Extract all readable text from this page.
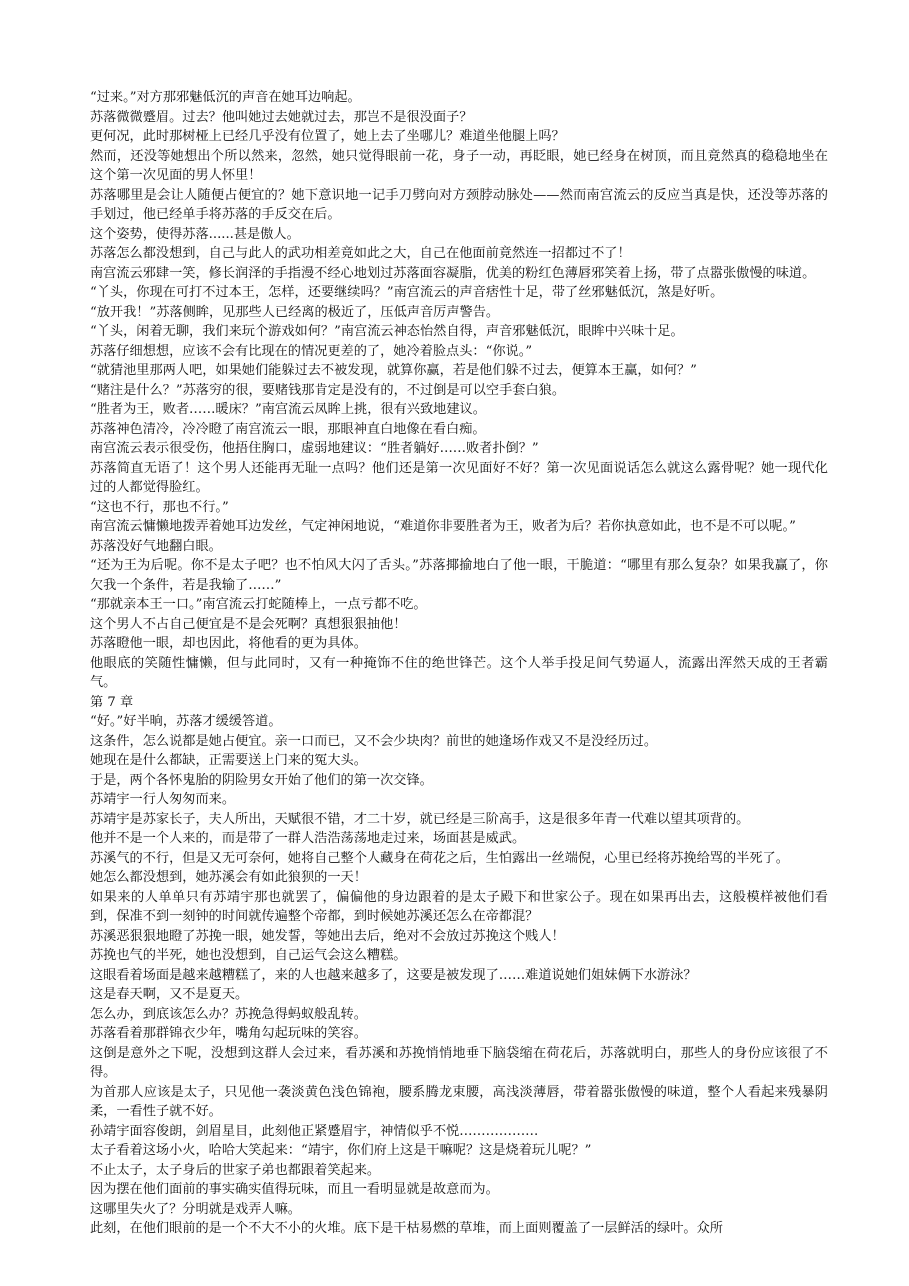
“过来。”对方那邪魅低沉的声音在她耳边响起。

苏落微微蹙眉。过去？他叫她过去她就过去，那岂不是很没面子？

更何况，此时那树桠上已经几乎没有位置了，她上去了坐哪儿？难道坐他腿上吗？

然而，还没等她想出个所以然来，忽然，她只觉得眼前一花，身子一动，再眨眼，她已经身在树顶，而且竟然真的稳稳地坐在这个第一次见面的男人怀里！

苏落哪里是会让人随便占便宜的？她下意识地一记手刀劈向对方颈脖动脉处——然而南宫流云的反应当真是快，还没等苏落的手划过，他已经单手将苏落的手反交在后。

这个姿势，使得苏落......甚是傲人。

苏落怎么都没想到，自己与此人的武功相差竟如此之大，自己在他面前竟然连一招都过不了！

南宫流云邪肆一笑，修长润泽的手指漫不经心地划过苏落面容凝脂，优美的粉红色薄唇邪笑着上扬，带了点嚣张傲慢的味道。

“丫头，你现在可打不过本王，怎样，还要继续吗？”南宫流云的声音痞性十足，带了丝邪魅低沉，煞是好听。

“放开我！”苏落侧眸，见那些人已经离的极近了，压低声音厉声警告。

“丫头，闲着无聊，我们来玩个游戏如何？”南宫流云神态怡然自得，声音邪魅低沉，眼眸中兴味十足。

苏落仔细想想，应该不会有比现在的情况更差的了，她冷着脸点头：“你说。”

“就猜池里那两人吧，如果她们能躲过去不被发现，就算你赢，若是他们躲不过去，便算本王赢，如何？”

“赌注是什么？”苏落穷的很，要赌钱那肯定是没有的，不过倒是可以空手套白狼。

“胜者为王，败者……暖床？”南宫流云凤眸上挑，很有兴致地建议。

苏落神色清冷，冷冷瞪了南宫流云一眼，那眼神直白地像在看白痴。

南宫流云表示很受伤，他捂住胸口，虚弱地建议：“胜者躺好……败者扑倒？”

苏落简直无语了！这个男人还能再无耻一点吗？他们还是第一次见面好不好？第一次见面说话怎么就这么露骨呢？她一现代化过的人都觉得脸红。

“这也不行，那也不行。”

南宫流云慵懒地拨弄着她耳边发丝，气定神闲地说，“难道你非要胜者为王，败者为后？若你执意如此，也不是不可以呢。”

苏落没好气地翻白眼。

“还为王为后呢。你不是太子吧？也不怕风大闪了舌头。”苏落揶揄地白了他一眼，干脆道：“哪里有那么复杂？如果我赢了，你欠我一个条件，若是我输了……”

“那就亲本王一口。”南宫流云打蛇随棒上，一点亏都不吃。

这个男人不占自己便宜是不是会死啊？真想狠狠抽他！

苏落瞪他一眼，却也因此，将他看的更为具体。

他眼底的笑随性慵懒，但与此同时，又有一种掩饰不住的绝世锋芒。这个人举手投足间气势逼人，流露出浑然天成的王者霸气。

第 7 章

“好。”好半晌，苏落才缓缓答道。

这条件，怎么说都是她占便宜。亲一口而已，又不会少块肉？前世的她逢场作戏又不是没经历过。

她现在是什么都缺，正需要送上门来的冤大头。

于是，两个各怀鬼胎的阴险男女开始了他们的第一次交锋。

苏靖宇一行人匆匆而来。

苏靖宇是苏家长子，夫人所出，天赋很不错，才二十岁，就已经是三阶高手，这是很多年青一代难以望其项背的。

他并不是一个人来的，而是带了一群人浩浩荡荡地走过来，场面甚是威武。

苏溪气的不行，但是又无可奈何，她将自己整个人藏身在荷花之后，生怕露出一丝端倪，心里已经将苏挽给骂的半死了。

她怎么都没想到，她苏溪会有如此狼狈的一天！

如果来的人单单只有苏靖宇那也就罢了，偏偏他的身边跟着的是太子殿下和世家公子。现在如果再出去，这般模样被他们看到，保准不到一刻钟的时间就传遍整个帝都，到时候她苏溪还怎么在帝都混？

苏溪恶狠狠地瞪了苏挽一眼，她发誓，等她出去后，绝对不会放过苏挽这个贱人！

苏挽也气的半死，她也没想到，自己运气会这么糟糕。

这眼看着场面是越来越糟糕了，来的人也越来越多了，这要是被发现了……难道说她们姐妹俩下水游泳？

这是春天啊，又不是夏天。

怎么办，到底该怎么办？苏挽急得蚂蚁般乱转。

苏落看着那群锦衣少年，嘴角勾起玩味的笑容。

这倒是意外之下呢，没想到这群人会过来，看苏溪和苏挽悄悄地垂下脑袋缩在荷花后，苏落就明白，那些人的身份应该很了不得。

为首那人应该是太子，只见他一袭淡黄色浅色锦袍，腰系腾龙束腰，高浅淡薄唇，带着嚣张傲慢的味道，整个人看起来残暴阴柔，一看性子就不好。

孙靖宇面容俊朗，剑眉星目，此刻他正紧蹙眉宇，神情似乎不悦………………

太子看着这场小火，哈哈大笑起来：“靖宇，你们府上这是干嘛呢？这是烧着玩儿呢？”

不止太子，太子身后的世家子弟也都跟着笑起来。

因为摆在他们面前的事实确实值得玩味，而且一看明显就是故意而为。

这哪里失火了？分明就是戏弄人嘛。

此刻，在他们眼前的是一个不大不小的火堆。底下是干枯易燃的草堆，而上面则覆盖了一层鲜活的绿叶。众所
